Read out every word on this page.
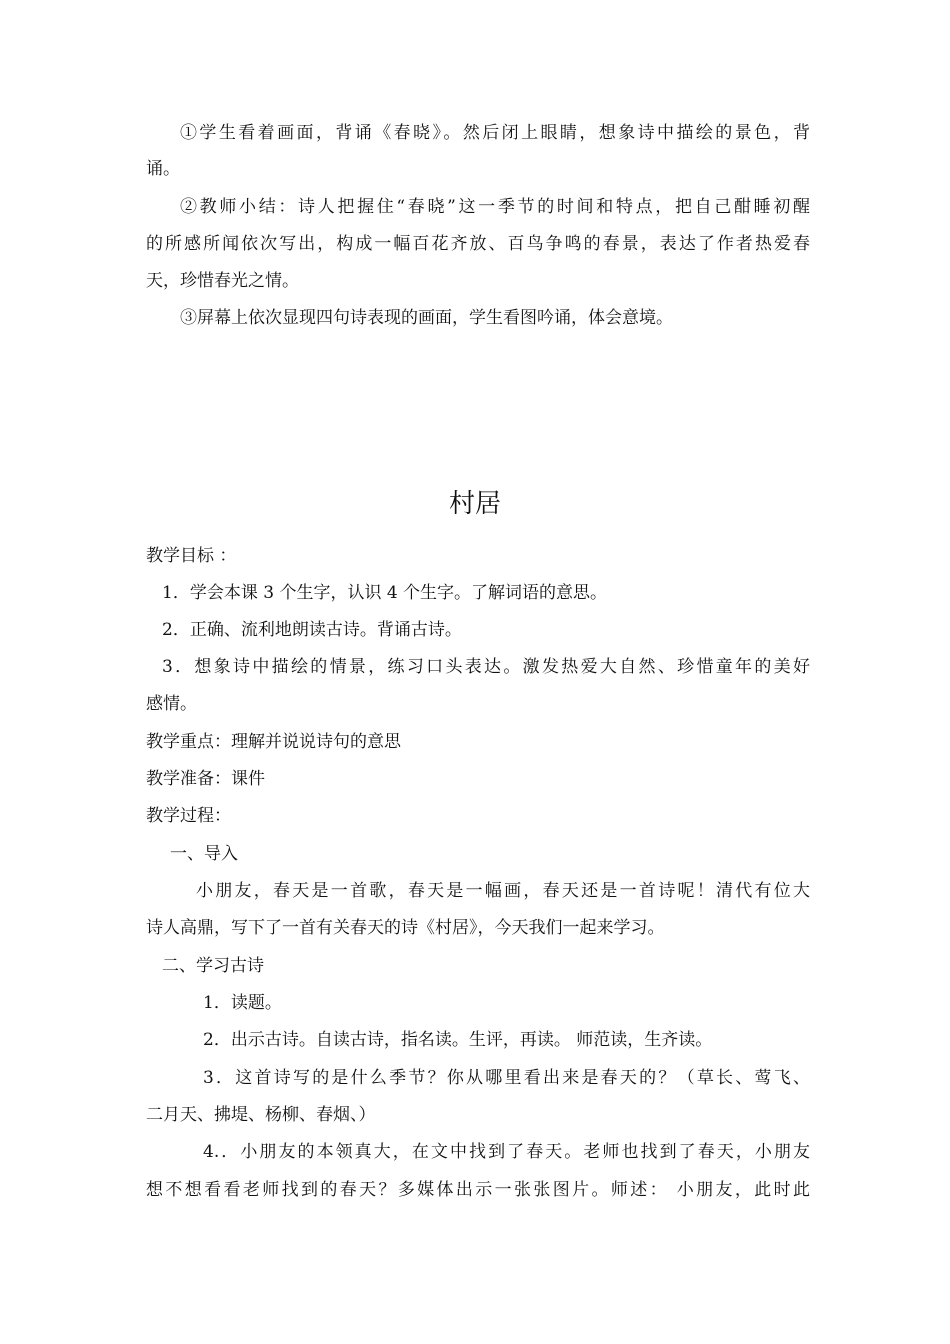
①学生看着画面，背诵《春晓》。然后闭上眼睛，想象诗中描绘的景色，背
诵。
②教师小结：诗人把握住“春晓”这一季节的时间和特点，把自己酣睡初醒
的所感所闻依次写出，构成一幅百花齐放、百鸟争鸣的春景，表达了作者热爱春
天，珍惜春光之情。
③屏幕上依次显现四句诗表现的画面，学生看图吟诵，体会意境。
村居
教学目标 ：
1．学会本课 3 个生字，认识 4 个生字。了解词语的意思。
2．正确、流利地朗读古诗。背诵古诗。
3．想象诗中描绘的情景，练习口头表达。激发热爱大自然、珍惜童年的美好
感情。
教学重点：理解并说说诗句的意思
教学准备：课件
教学过程：
一、导入
小朋友，春天是一首歌，春天是一幅画，春天还是一首诗呢！清代有位大
诗人高鼎，写下了一首有关春天的诗《村居》，今天我们一起来学习。
二、学习古诗
1．读题。
2．出示古诗。自读古诗，指名读。生评，再读。 师范读，生齐读。
3．这首诗写的是什么季节？你从哪里看出来是春天的？（草长、莺飞、
二月天、拂堤、杨柳、春烟、）
4.．小朋友的本领真大，在文中找到了春天。老师也找到了春天，小朋友
想不想看看老师找到的春天？多媒体出示一张张图片。师述： 小朋友，此时此
